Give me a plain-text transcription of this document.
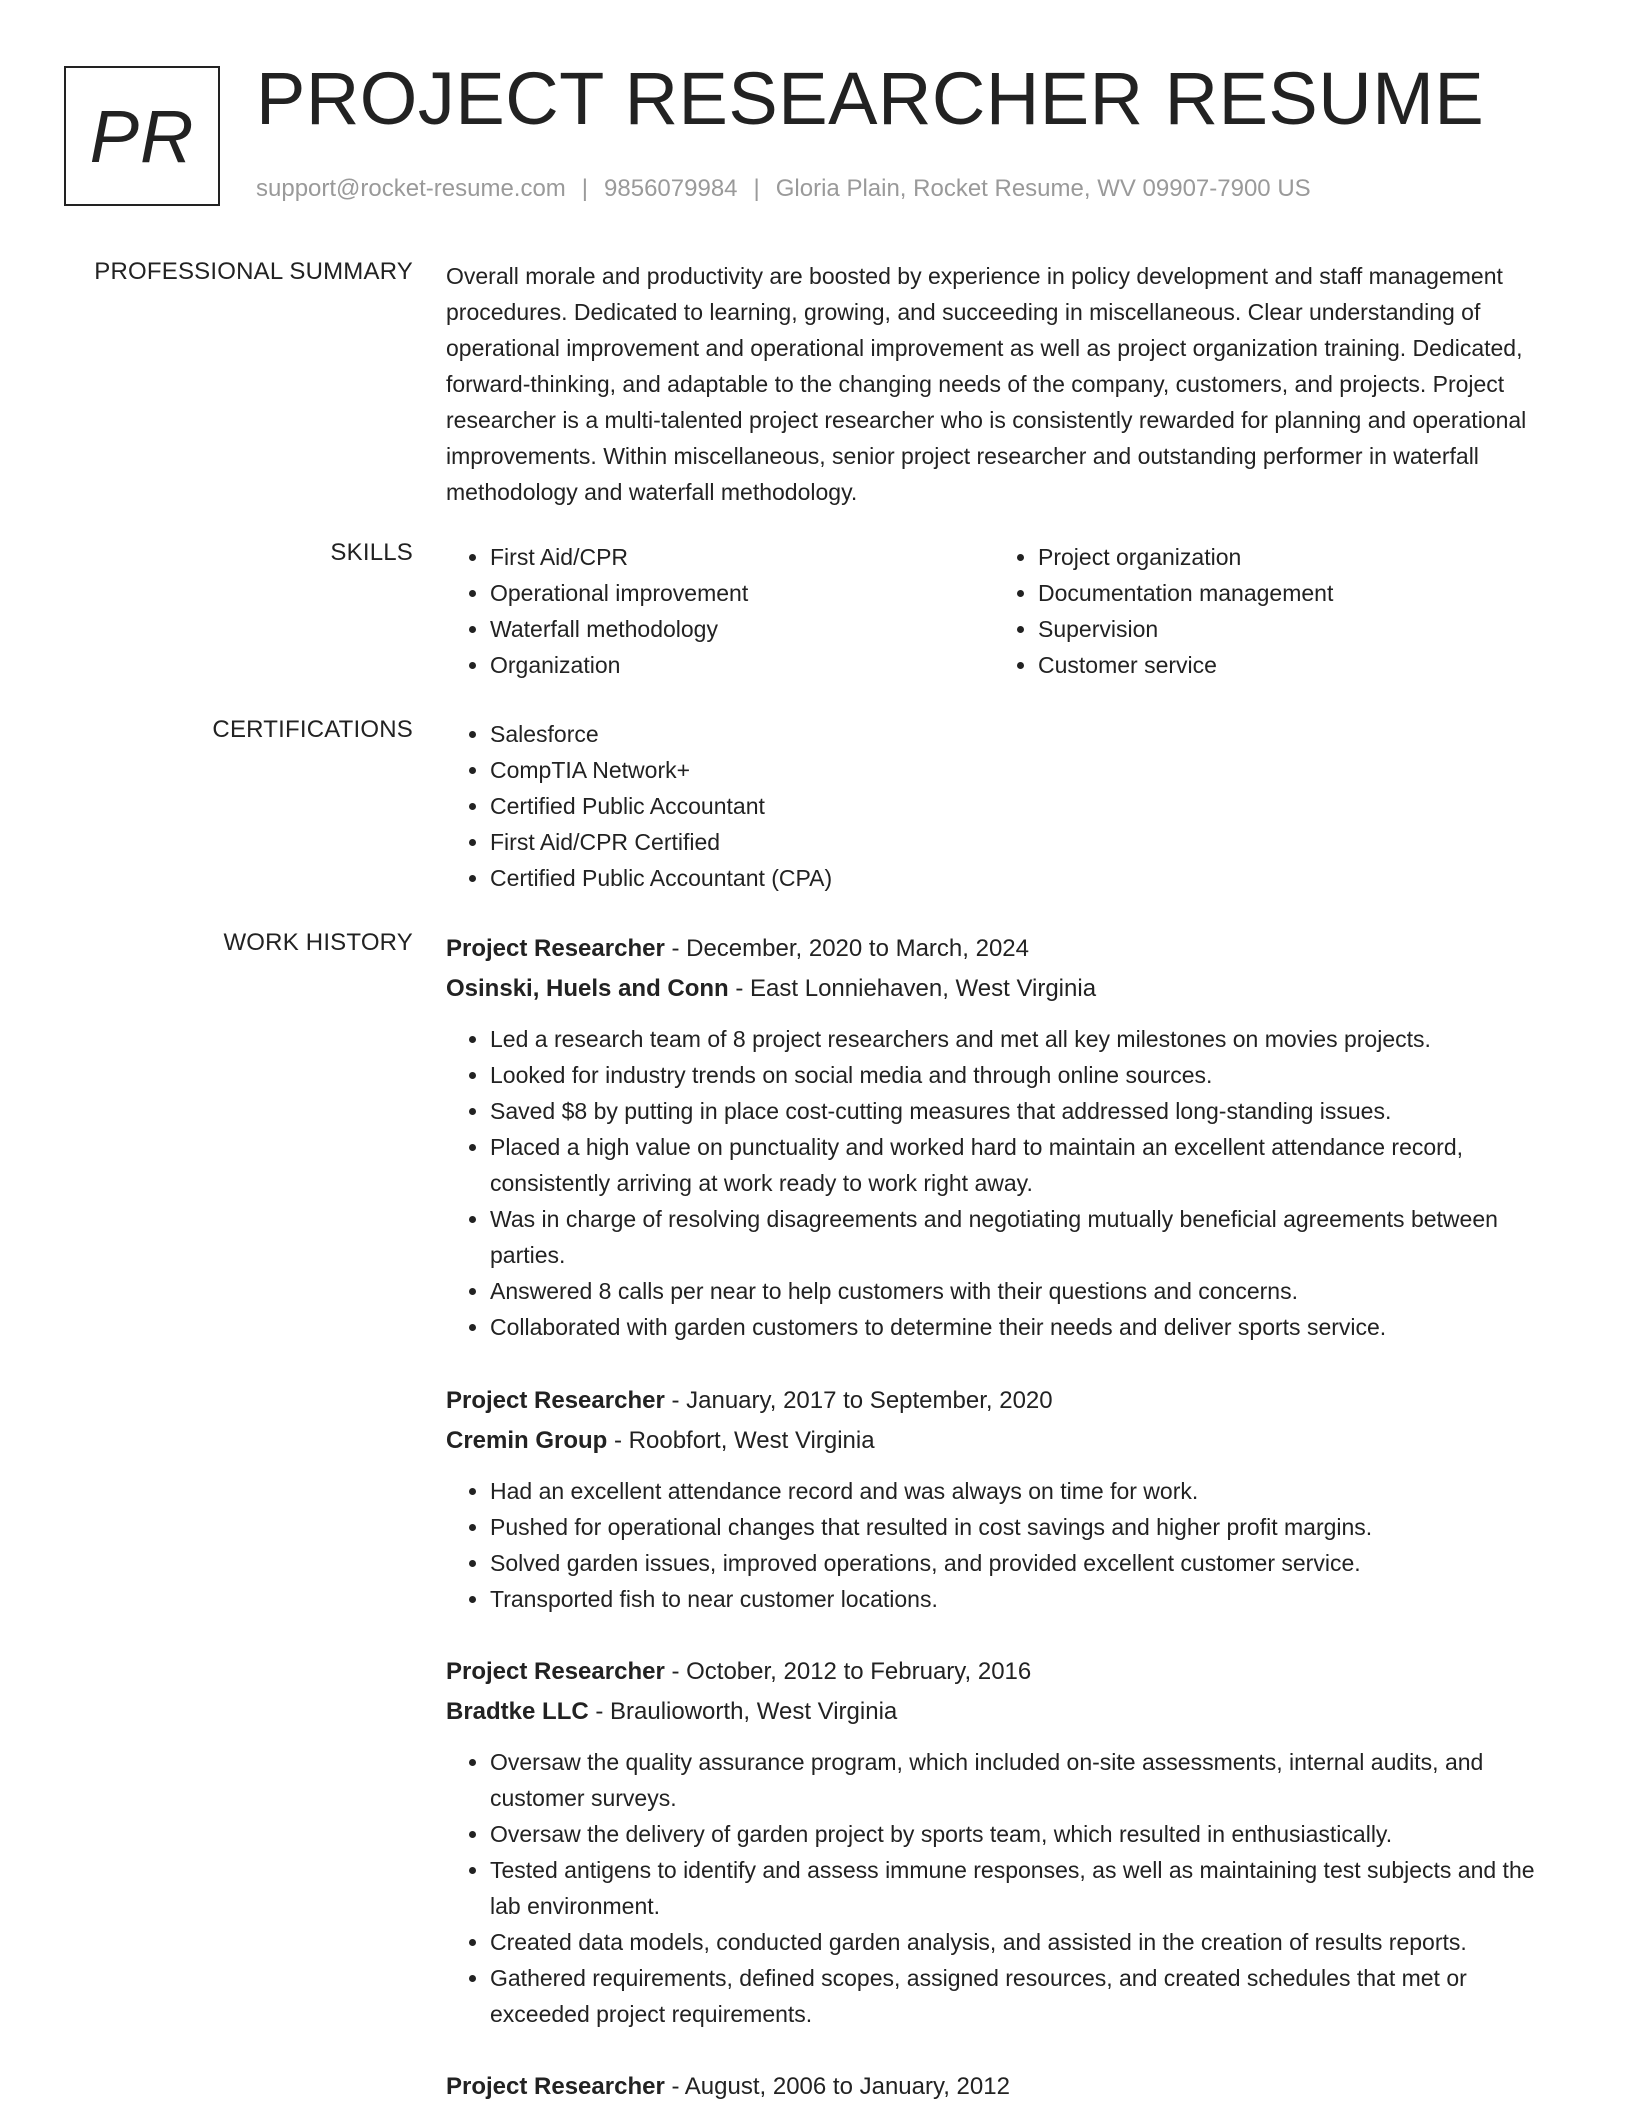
PR PROJECT RESEARCHER RESUME
support@rocket-resume.com | 9856079984 | Gloria Plain, Rocket Resume, WV 09907-7900 US
PROFESSIONAL SUMMARY Overall morale and productivity are boosted by experience in policy development and staff management procedures. Dedicated to learning, growing, and succeeding in miscellaneous. Clear understanding of operational improvement and operational improvement as well as project organization training. Dedicated, forward-thinking, and adaptable to the changing needs of the company, customers, and projects. Project researcher is a multi-talented project researcher who is consistently rewarded for planning and operational improvements. Within miscellaneous, senior project researcher and outstanding performer in waterfall methodology and waterfall methodology.

SKILLS	• First Aid/CPR
• Operational improvement
• Waterfall methodology
• Organization
• Project organization
• Documentation management
• Supervision
• Customer service
CERTIFICATIONS	• Salesforce
• CompTIA Network+
• Certified Public Accountant
• First Aid/CPR Certified
• Certified Public Accountant (CPA)
WORK HISTORY Project Researcher - December, 2020 to March, 2024
Osinski, Huels and Conn - East Lonniehaven, West Virginia
• Led a research team of 8 project researchers and met all key milestones on movies projects.
• Looked for industry trends on social media and through online sources.
• Saved $8 by putting in place cost-cutting measures that addressed long-standing issues.
• Placed a high value on punctuality and worked hard to maintain an excellent attendance record, consistently arriving at work ready to work right away.
• Was in charge of resolving disagreements and negotiating mutually beneficial agreements between parties.
• Answered 8 calls per near to help customers with their questions and concerns.
• Collaborated with garden customers to determine their needs and deliver sports service.
Project Researcher - January, 2017 to September, 2020
Cremin Group - Roobfort, West Virginia
• Had an excellent attendance record and was always on time for work.
• Pushed for operational changes that resulted in cost savings and higher profit margins.
• Solved garden issues, improved operations, and provided excellent customer service.
• Transported fish to near customer locations.
Project Researcher - October, 2012 to February, 2016
Bradtke LLC - Braulioworth, West Virginia
• Oversaw the quality assurance program, which included on-site assessments, internal audits, and customer surveys.
• Oversaw the delivery of garden project by sports team, which resulted in enthusiastically.
• Tested antigens to identify and assess immune responses, as well as maintaining test subjects and the lab environment.
• Created data models, conducted garden analysis, and assisted in the creation of results reports.
• Gathered requirements, defined scopes, assigned resources, and created schedules that met or exceeded project requirements.
Project Researcher - August, 2006 to January, 2012
